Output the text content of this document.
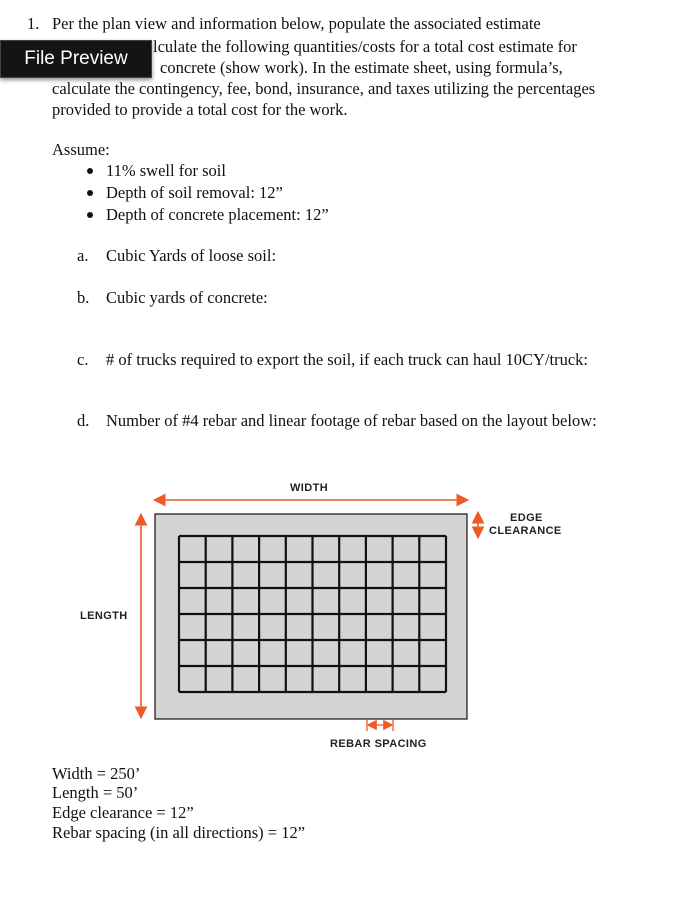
File Preview
1. Per the plan view and information below, populate the associated estimate
lculate the following quantities/costs for a total cost estimate for
concrete (show work). In the estimate sheet, using formula’s,
calculate the contingency, fee, bond, insurance, and taxes utilizing the percentages
provided to provide a total cost for the work.
Assume:
11% swell for soil
Depth of soil removal: 12”
Depth of concrete placement: 12”
a. Cubic Yards of loose soil:
b. Cubic yards of concrete:
c. # of trucks required to export the soil, if each truck can haul 10CY/truck:
d. Number of #4 rebar and linear footage of rebar based on the layout below:
WIDTH
LENGTH
EDGE
CLEARANCE
REBAR SPACING
Width = 250’
Length = 50’
Edge clearance = 12”
Rebar spacing (in all directions) = 12”
